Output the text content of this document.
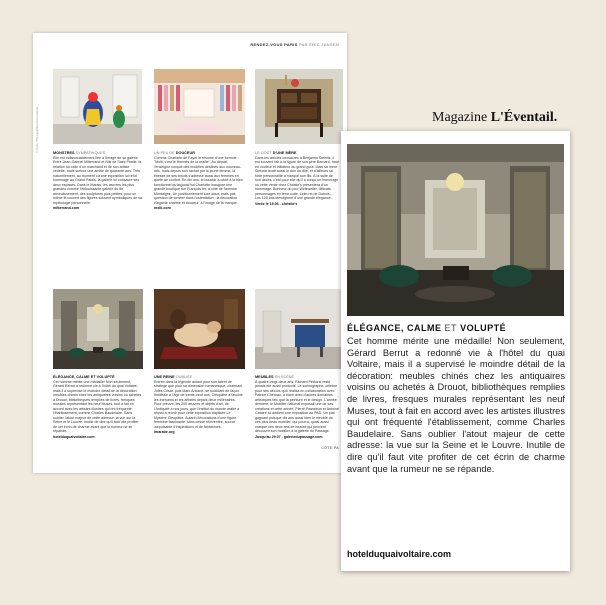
RENDEZ-VOUS PARIS PAR ÉRIC JANSEN
© Studio / Photographies droits réservés	MONSTRES SYMPATHIQUES
Elle est indissociablement liée à l'image de sa galerie. Entre Jean-Gabriel Mitterrand et Niki de Saint Phalle, la relation fut celle d'un marchand et de son artiste vedette, mais surtout une amitié de quarante ans. Très naturellement, au moment où une exposition lui rend hommage au Grand Palais, la galerie lui consacre ses deux espaces. Dans le Marais, les œuvres les plus grandes comme l'éblouissante galerie du 8e arrondissement, des sculptures plus petites, pour un intime lit couvert des figures souvent symboliques de sa mythologie personnelle.
mitterrand.com
UN PEU DE DOUCEUR
Comme Charlotte de Fayet le résume d'une formule : "Molli, c'est le Hermès de la maille". Au départ, l'enseigne conçoit des modèles destinés aux nouveau-nés, mais depuis son rachat par la jeune femme, la finesse de ses tricots s'adresse aussi aux femmes en quête de confort. En dix ans, le boudoir a cédé à la bien fonctionnel qu'aujourd'hui Charlotte inaugure une grande boutique rue François Ier, à côté de l'avenue Montaigne. Un positionnement luxe doux, mais pas question de tomber dans l'ostentation : la décoration élégante charme et douceur, à l'image de la marque.
molli.com
LE GOÛT D'UNE MÈRE
Dans les articles consacrés à Benjamin Steinitz, il est souvent fait à la figure de son père Bernard, haut en couleur et initiateur du grand goût. Mais sa mère Simone avait aussi le don du dire, et d'ailleurs sa forte personnalité a marqué son fils. À la suite de son décès, c'est pour elle qu'il a conçu un hommage où cette vente chez Christie's présentera d'un hommage. Bonheur du jour Weisweiler, délicats personnages en terre cuite, Leleu et de Dubois... Les 100 lots témoignent d'une grande élégance.
Vente le 19.06 - christie's
ÉLÉGANCE, CALME ET VOLUPTÉ
Cet homme mérite une médaille! Non seulement, Gérard Berrut a redonné vie à l'hôtel du quai Voltaire, mais il a supervisé le moindre détail de la décoration: meubles chinés chez les antiquaires voisins ou achetés à Drouot, bibliothèques remplies de livres, fresques murales représentant les neuf Muses, tout à fait en accord avec les artistes illustres qui ont fréquenté l'établissement, comme Charles Baudelaire. Sans oublier l'atout majeur de cette adresse: la vue sur la Seine et le Louvre. Inutile de dire qu'il faut vite profiter de cet écrin de charme avant que la rumeur ne se répande.
hotelduquaivoltaire.com
UNE REINE OUBLIÉE
Entrée dans la légende autant pour son talent de stratège que pour sa dimension romanesque, charmant Jules César, puis Marc Antoine, se suicidant de façon théâtrale à l'âge de trente-neuf ans, Cléopâtre a fasciné les écrivains et les artistes depuis deux millénaires. Pour preuve, les 200 œuvres et objets d'art, de l'Antiquité à nos jours, que l'Institut du monde arabe a réussi à réunir pour cette exposition baptisée Le Mystère Cléopâtre. Autant d'évocations d'une figure féminine fascinante, sans cesse réinventée, source inépuisable d'inspirations et de fantasmes.
imarabe.org
MEUBLES EN SCÈNE
À quatre-vingt-deux ans, Richard Peduzzi reste jamais été aussi productif. Le scénographe, célèbre pour ses décors qu'il réalisa en collaboration avec Patrice Chéreau, a tracé avec d'autres domaines artistiques tels que la peinture et le design. L'année dernière, le Mobilier national exposait une de ses créations et cette année, Pierre Passebon et Antoine Catoire lui dédient une exposition au PAD. Un pari gagnant puisque dix ans aussi bien le meuble de ces plus beau mobilier, qui pourra, quasi aussi marqué ces deux ans de beauté qui peuvent découvrir son mobilier à la galerie du Passage.
Jusqu'au 29.07 - galeriedupassage.com
CÔTE PA
Magazine L'Éventail.
ÉLÉGANCE, CALME ET VOLUPTÉ
Cet homme mérite une médaille! Non seulement, Gérard Berrut a redonné vie à l'hôtel du quai Voltaire, mais il a supervisé le moindre détail de la décoration: meubles chinés chez les antiquaires voisins ou achetés à Drouot, bibliothèques remplies de livres, fresques murales représentant les neuf Muses, tout à fait en accord avec les artistes illustres qui ont fréquenté l'établissement, comme Charles Baudelaire. Sans oublier l'atout majeur de cette adresse: la vue sur la Seine et le Louvre. Inutile de dire qu'il faut vite profiter de cet écrin de charme avant que la rumeur ne se répande.
hotelduquaivoltaire.com
